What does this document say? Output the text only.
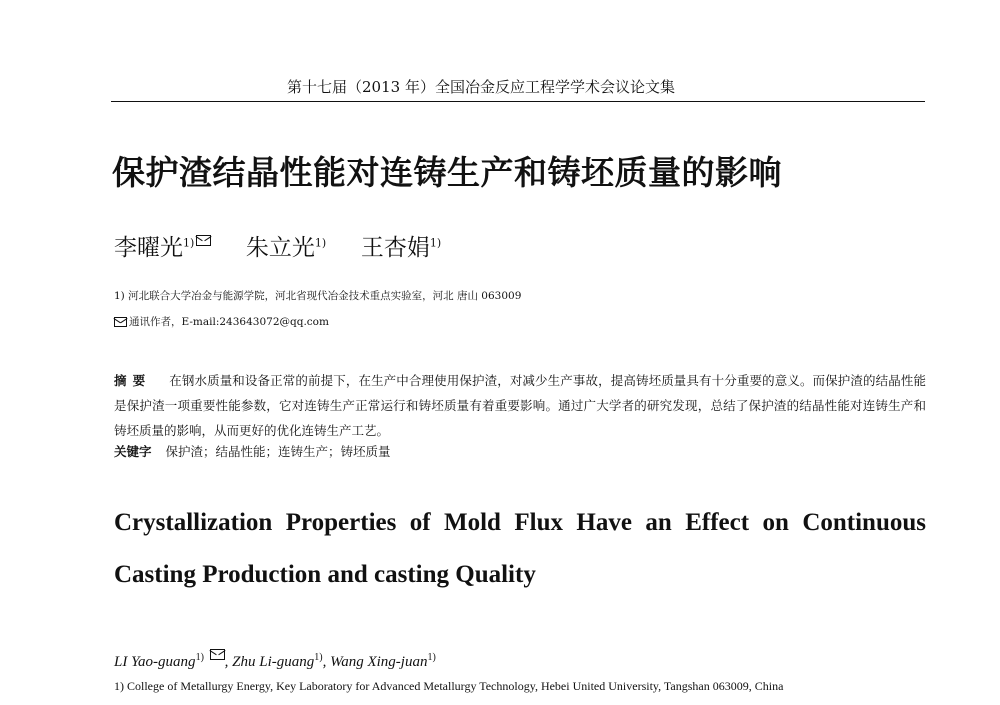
第十七届（2013 年）全国冶金反应工程学学术会议论文集
保护渣结晶性能对连铸生产和铸坯质量的影响
李曜光$^{1)}$ 朱立光$^{1)}$ 王杏娟$^{1)}$
1) 河北联合大学冶金与能源学院，河北省现代冶金技术重点实验室，河北 唐山 063009
通讯作者，E-mail:243643072@qq.com
摘要 在钢水质量和设备正常的前提下，在生产中合理使用保护渣，对减少生产事故，提高铸坯质量具有十分重要的意义。而保护渣的结晶性能是保护渣一项重要性能参数，它对连铸生产正常运行和铸坯质量有着重要影响。通过广大学者的研究发现，总结了保护渣的结晶性能对连铸生产和铸坯质量的影响，从而更好的优化连铸生产工艺。
关键字 保护渣；结晶性能；连铸生产；铸坯质量
Crystallization Properties of Mold Flux Have an Effect on Continuous
Casting Production and casting Quality
LI Yao-guang$^{1)}$ , Zhu Li-guang$^{1)}$, Wang Xing-juan$^{1)}$
1) College of Metallurgy Energy, Key Laboratory for Advanced Metallurgy Technology, Hebei United University, Tangshan 063009, China
